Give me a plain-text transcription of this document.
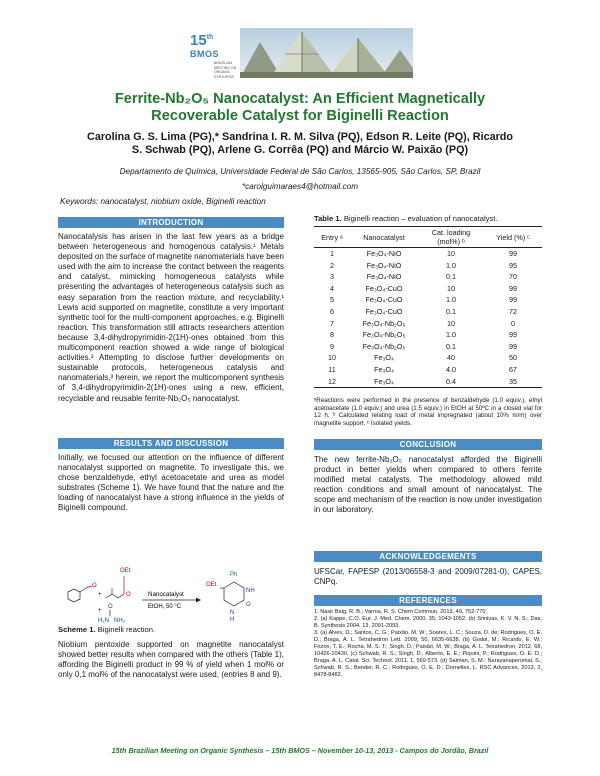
15th
BMOS
BRAZILIAN MEETING ON ORGANIC SYNTHESIS
Ferrite-Nb₂O₅ Nanocatalyst: An Efficient Magnetically
Recoverable Catalyst for Biginelli Reaction
Carolina G. S. Lima (PG),* Sandrina I. R. M. Silva (PQ), Edson R. Leite (PQ), Ricardo
S. Schwab (PQ), Arlene G. Corrêa (PQ) and Márcio W. Paixão (PQ)
Departamento de Química, Universidade Federal de São Carlos, 13565-905, São Carlos, SP, Brazil
*carolguimaraes4@hotmail.com
Keywords: nanocatalyst, niobium oxide, Biginelli reaction
INTRODUCTION
Nanocatalysis has arisen in the last few years as a bridge between heterogeneous and homogenous catalysis.¹ Metals deposited on the surface of magnetite nanomaterials have been used with the aim to increase the contact between the reagents and catalyst, mimicking homogeneous catalysts while presenting the advantages of heterogeneous catalysis such as easy separation from the reaction mixture, and recyclability.¹ Lewis acid supported on magnetite, constitute a very important synthetic tool for the multi-component approaches, e.g. Biginelli reaction. This transformation still attracts researchers attention because 3,4-dihydropyrimidin-2(1H)-ones obtained from this multicomponent reaction showed a wide range of biological activities.² Attempting to disclose further developments on sustainable protocols, heterogeneous catalysis and nanomaterials,³ herein, we report the multicomponent synthesis of 3,4-dihydropyrimidin-2(1H)-ones using a new, efficient, recyclable and reusable ferrite-Nb₂O₅ nanocatalyst.
RESULTS AND DISCUSSION
Initially, we focused our attention on the influence of different nanocatalyst supported on magnetite. To investigate this, we chose benzaldehyde, ethyl acetoacetate and urea as model substrates (Scheme 1). We have found that the nature and the loading of nanocatalyst have a strong influence in the yields of Biginelli compound.
O
+
OEt
O
+
O
H₂N NH₂
Nanocatalyst
EtOH, 50 °C
Ph
NH
O
N
H
OEt
Scheme 1. Biginelli reaction.
Niobium pentoxide supported on magnetite nanocatalyst showed better results when compared with the others (Table 1), affording the Biginelli product in 99 % of yield when 1 mol% or only 0,1 mol% of the nanocatalyst were used, (entries 8 and 9).
Table 1. Biginelli reaction – evaluation of nanocatalyst.
Entry ᵃ	Nanocatalyst	Cat. loading (mol%) ᵇ	Yield (%) ᶜ
1	Fe₃O₄-NiO	10	99
2	Fe₃O₄-NiO	1.0	95
3	Fe₃O₄-NiO	0.1	70
4	Fe₃O₄-CuO	10	99
5	Fe₃O₄-CuO	1.0	99
6	Fe₃O₄-CuO	0.1	72
7	Fe₃O₄-Nb₂O₅	10	0
8	Fe₃O₄-Nb₂O₅	1.0	99
9	Fe₃O₄-Nb₂O₅	0.1	99
10	Fe₃O₄	40	50
11	Fe₃O₄	4.0	67
12	Fe₃O₄	0.4	35
ᵃReactions were performed in the presence of benzaldehyde (1.0 equiv.), ethyl acetoacetate (1.0 equiv.) and urea (1.5 equiv.) in EtOH at 50ºC in a closed vial for 12 h. ᵇ Calculated relating load of metal impregnated (about 10% m/m) over magnetite support. ᶜ Isolated yields.
CONCLUSION
The new ferrite-Nb₂O₅ nanocatalyst afforded the Biginelli product in better yields when compared to others ferrite modified metal catalysts. The methodology allowed mild reaction conditions and small amount of nanocatalyst. The scope and mechanism of the reaction is now under investigation in our laboratory.
ACKNOWLEDGEMENTS
UFSCar, FAPESP (2013/06558-3 and 2009/07281-0), CAPES, CNPq.
REFERENCES
1. Nasir Baig, R. B.; Varma, R. S. Chem Commun. 2013, 49, 752-770.
2. (a) Kappe, C.O. Eur. J. Med. Chem. 2000, 35, 1043-1052. (b) Srinivas, K. V. N. S.; Das, B. Synthesis 2004, 13, 2091-2093.
3. (a) Alves, D.; Santos, C. G.; Paixão, M. W.; Soares, L. C.; Souza, D. de; Rodrigues, O. E. D.; Braga, A. L. Tetrahedron Lett. 2009, 50, 6635-6638. (b) Godoi, M.; Ricardo, E. W.; Frizon, T. E.; Rocha, M. S. T.; Singh, D.; Paixão, M. W.; Braga, A. L. Tetrahedron, 2012, 68, 10426-10430. (c) Schwab, R. S.; Singh, D.; Alberto, E. E.; Piquini, P.; Rodrigues, O. E. D.; Braga, A. L. Catal. Sci. Technol. 2011, 1, 569-573. (d) Saiman, S. M.; Narayanaperumal, S.; Schwab, R. S.; Bender, R. C.; Rodrigues, O. E. D.; Dornelles, L. RSC Advances, 2012, 2, 8478-8482.
15th Brazilian Meeting on Organic Synthesis – 15th BMOS – November 10-13, 2013 - Campos do Jordão, Brazil
